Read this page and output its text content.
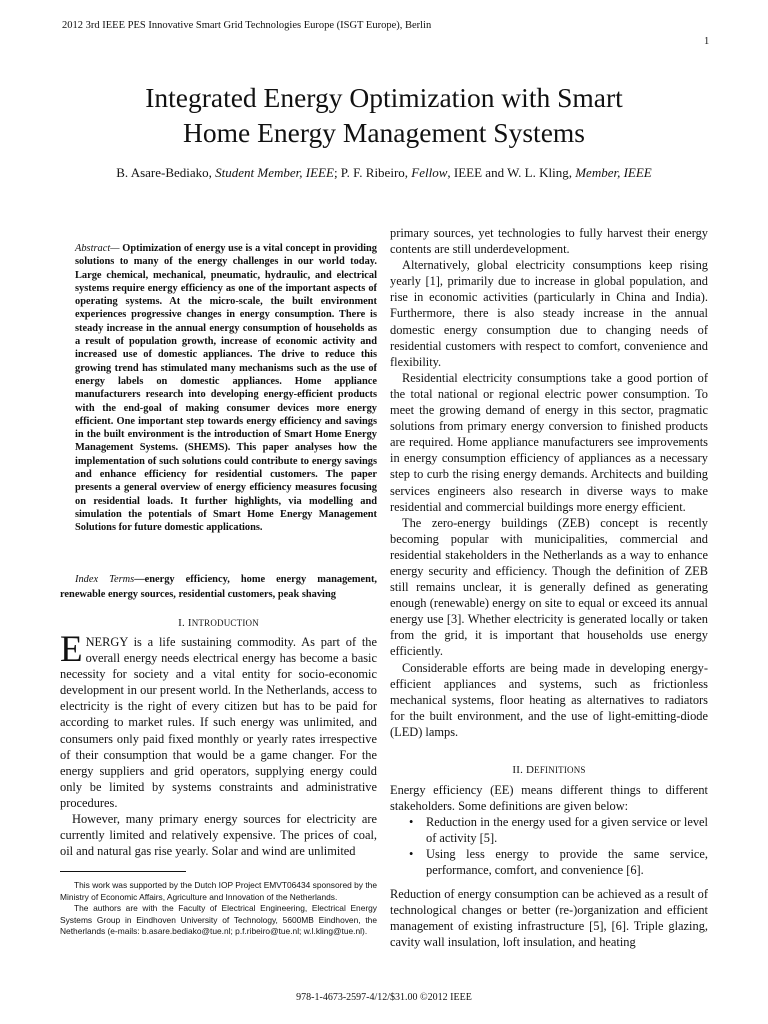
2012 3rd IEEE PES Innovative Smart Grid Technologies Europe (ISGT Europe), Berlin
1
Integrated Energy Optimization with Smart
Home Energy Management Systems
B. Asare-Bediako, Student Member, IEEE; P. F. Ribeiro, Fellow, IEEE and W. L. Kling, Member, IEEE
Abstract— Optimization of energy use is a vital concept in providing solutions to many of the energy challenges in our world today. Large chemical, mechanical, pneumatic, hydraulic, and electrical systems require energy efficiency as one of the important aspects of operating systems. At the micro-scale, the built environment experiences progressive changes in energy consumption. There is steady increase in the annual energy consumption of households as a result of population growth, increase of economic activity and increased use of domestic appliances. The drive to reduce this growing trend has stimulated many mechanisms such as the use of energy labels on domestic appliances. Home appliance manufacturers research into developing energy-efficient products with the end-goal of making consumer devices more energy efficient. One important step towards energy efficiency and savings in the built environment is the introduction of Smart Home Energy Management Systems. (SHEMS). This paper analyses how the implementation of such solutions could contribute to energy savings and enhance efficiency for residential customers. The paper presents a general overview of energy efficiency measures focusing on residential loads. It further highlights, via modelling and simulation the potentials of Smart Home Energy Management Solutions for future domestic applications.
Index Terms—energy efficiency, home energy management, renewable energy sources, residential customers, peak shaving
I. INTRODUCTION

ENERGY is a life sustaining commodity. As part of the overall energy needs electrical energy has become a basic necessity for society and a vital entity for socio-economic development in our present world. In the Netherlands, access to electricity is the right of every citizen but has to be paid for according to market rules. If such energy was unlimited, and consumers only paid fixed monthly or yearly rates irrespective of their consumption that would be a game changer. For the energy suppliers and grid operators, supplying energy could only be limited by systems constraints and administrative procedures.

However, many primary energy sources for electricity are currently limited and relatively expensive. The prices of coal, oil and natural gas rise yearly. Solar and wind are unlimited

This work was supported by the Dutch IOP Project EMVT06434 sponsored by the Ministry of Economic Affairs, Agriculture and Innovation of the Netherlands.

The authors are with the Faculty of Electrical Engineering, Electrical Energy Systems Group in Eindhoven University of Technology, 5600MB Eindhoven, the Netherlands (e-mails: b.asare.bediako@tue.nl; p.f.ribeiro@tue.nl; w.l.kling@tue.nl).

primary sources, yet technologies to fully harvest their energy contents are still underdevelopment.

Alternatively, global electricity consumptions keep rising yearly [1], primarily due to increase in global population, and rise in economic activities (particularly in China and India). Furthermore, there is also steady increase in the annual domestic energy consumption due to changing needs of residential customers with respect to comfort, convenience and flexibility.

Residential electricity consumptions take a good portion of the total national or regional electric power consumption. To meet the growing demand of energy in this sector, pragmatic solutions from primary energy conversion to finished products are required. Home appliance manufacturers see improvements in energy consumption efficiency of appliances as a necessary step to curb the rising energy demands. Architects and building services engineers also research in diverse ways to make residential and commercial buildings more energy efficient.

The zero-energy buildings (ZEB) concept is recently becoming popular with municipalities, commercial and residential stakeholders in the Netherlands as a way to enhance energy security and efficiency. Though the definition of ZEB still remains unclear, it is generally defined as generating enough (renewable) energy on site to equal or exceed its annual energy use [3]. Whether electricity is generated locally or taken from the grid, it is important that households use energy efficiently.

Considerable efforts are being made in developing energy-efficient appliances and systems, such as frictionless mechanical systems, floor heating as alternatives to radiators for the built environment, and the use of light-emitting-diode (LED) lamps.

II. DEFINITIONS

Energy efficiency (EE) means different things to different stakeholders. Some definitions are given below:

• Reduction in the energy used for a given service or level of activity [5].
• Using less energy to provide the same service, performance, comfort, and convenience [6].

Reduction of energy consumption can be achieved as a result of technological changes or better (re-)organization and efficient management of existing infrastructure [5], [6]. Triple glazing, cavity wall insulation, loft insulation, and heating

978-1-4673-2597-4/12/$31.00 ©2012 IEEE
